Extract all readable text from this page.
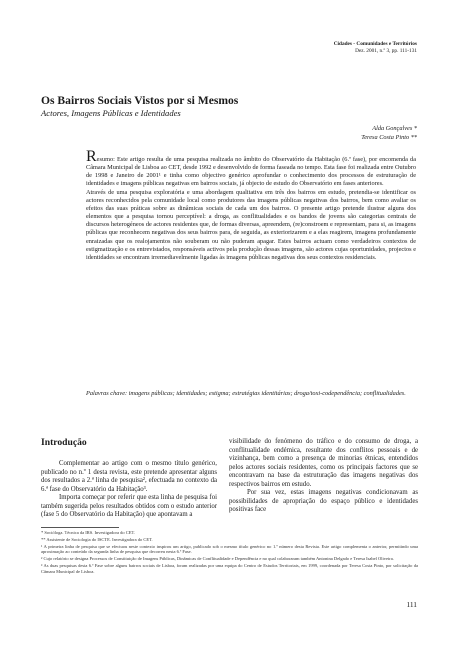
Cidades - Comunidades e Territórios
Dez. 2001, n.º 3, pp. 111-131
Os Bairros Sociais Vistos por si Mesmos
Actores, Imagens Públicas e Identidades
Alda Gonçalves *
Teresa Costa Pinto **

Resumo: Este artigo resulta de uma pesquisa realizada no âmbito do Observatório da Habitação (6.ª fase), por encomenda da Câmara Municipal de Lisboa ao CET, desde 1992 e desenvolvido de forma faseada no tempo. Esta fase foi realizada entre Outubro de 1998 e Janeiro de 2001¹ e tinha como objectivo genérico aprofundar o conhecimento dos processos de estruturação de identidades e imagens públicas negativas em bairros sociais, já objecto de estudo do Observatório em fases anteriores.

Através de uma pesquisa exploratória e uma abordagem qualitativa em três dos bairros em estudo, pretendia-se identificar os actores reconhecidos pela comunidade local como produtores das imagens públicas negativas dos bairros, bem como avaliar os efeitos das suas práticas sobre as dinâmicas sociais de cada um dos bairros. O presente artigo pretende ilustrar alguns dos elementos que a pesquisa tornou perceptível: a droga, as conflitualidades e os bandos de jovens são categorias centrais de discursos heterogéneos de actores residentes que, de formas diversas, apreendem, (re)constroem e representam, para si, as imagens públicas que reconhecem negativas dos seus bairros para, de seguida, as exteriorizarem e a elas reagirem, imagens profundamente enraizadas que os realojamentos não souberam ou não puderam apagar. Estes bairros actuam como verdadeiros contextos de estigmatização e os entrevistados, responsáveis activos pela produção dessas imagens, são actores cujas oportunidades, projectos e identidades se encontram irremediavelmente ligadas às imagens públicas negativas dos seus contextos residenciais.

Palavras chave: imagens públicas; identidades; estigma; estratégias identitárias; droga/toxi-codependência; conflitualidades.

Introdução

Complementar ao artigo com o mesmo título genérico, publicado no n.º 1 desta revista, este pretende apresentar alguns dos resultados a 2.ª linha de pesquisa², efectuada no contexto da 6.ª fase do Observatório da Habitação³.

Importa começar por referir que esta linha de pesquisa foi também sugerida pelos resultados obtidos com o estudo anterior (fase 5 do Observatório da Habitação) que apontavam a

visibilidade do fenómeno do tráfico e do consumo de droga, a conflitualidade endémica, resultante dos conflitos pessoais e de vizinhança, bem como a presença de minorias étnicas, entendidos pelos actores sociais residentes, como os principais factores que se encontravam na base da estruturação das imagens negativas dos respectivos bairros em estudo.

Por sua vez, estas imagens negativas condicionavam as possibilidades de apropriação do espaço público e identidades positivas face

* Socióloga. Técnica da IRS. Investigadora do CET.

** Assistente de Sociologia do ISCTE. Investigadora do CET.

¹ A primeira linha de pesquisa que se efectuou neste contexto inspirou um artigo, publicado sob o mesmo título genérico no 1.º número desta Revista. Este artigo complementa o anterior, permitindo uma aproximação ao conteúdo da segunda linha de pesquisa que decorreu nesta 6.ª Fase.

² Cujo relatório se designa Processos de Constituição de Imagens Públicas, Dinâmicas de Conflitualidade e Dependência e no qual colaboraram também Antonina Delgado e Teresa Isabel Oliveira.

³ As duas pesquisas desta 6.ª Fase sobre alguns bairros sociais de Lisboa, foram realizadas por uma equipa do Centro de Estudos Territoriais, em 1999, coordenada por Teresa Costa Pinto, por solicitação da Câmara Municipal de Lisboa.

111
